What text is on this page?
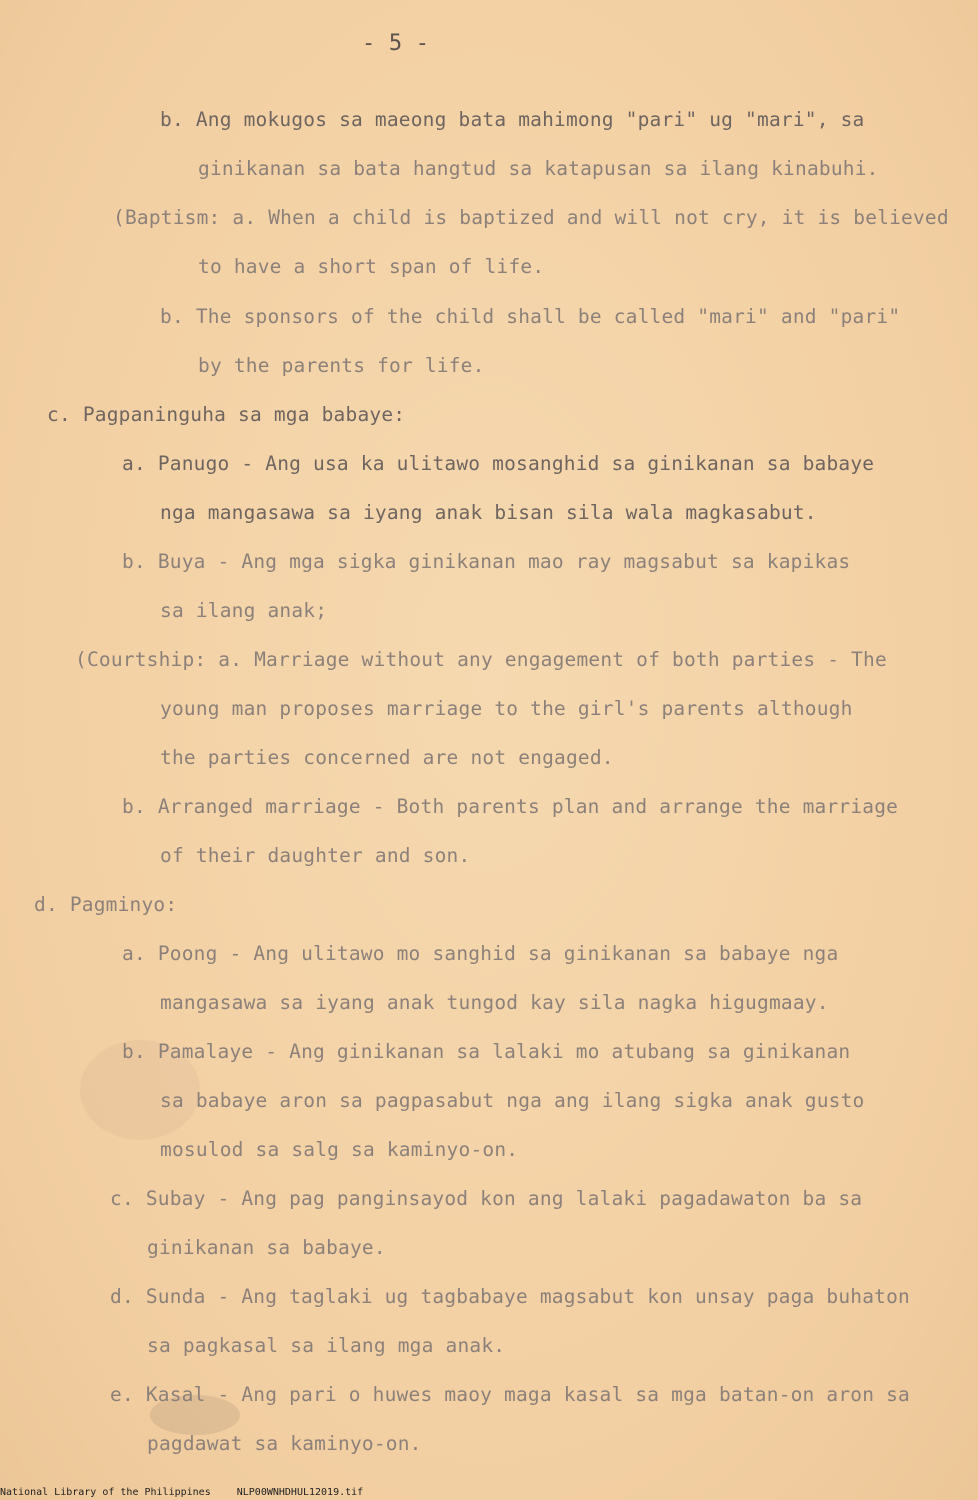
- 5 -
b. Ang mokugos sa maeong bata mahimong "pari" ug "mari", sa
ginikanan sa bata hangtud sa katapusan sa ilang kinabuhi.
(Baptism: a. When a child is baptized and will not cry, it is believed
to have a short span of life.
b. The sponsors of the child shall be called "mari" and "pari"
by the parents for life.
c. Pagpaninguha sa mga babaye:
a. Panugo - Ang usa ka ulitawo mosanghid sa ginikanan sa babaye
nga mangasawa sa iyang anak bisan sila wala magkasabut.
b. Buya - Ang mga sigka ginikanan mao ray magsabut sa kapikas
sa ilang anak;
(Courtship: a. Marriage without any engagement of both parties - The
young man proposes marriage to the girl's parents although
the parties concerned are not engaged.
b. Arranged marriage - Both parents plan and arrange the marriage
of their daughter and son.
d. Pagminyo:
a. Poong - Ang ulitawo mo sanghid sa ginikanan sa babaye nga
mangasawa sa iyang anak tungod kay sila nagka higugmaay.
b. Pamalaye - Ang ginikanan sa lalaki mo atubang sa ginikanan
sa babaye aron sa pagpasabut nga ang ilang sigka anak gusto
mosulod sa salg sa kaminyo-on.
c. Subay - Ang pag panginsayod kon ang lalaki pagadawaton ba sa
ginikanan sa babaye.
d. Sunda - Ang taglaki ug tagbabaye magsabut kon unsay paga buhaton
sa pagkasal sa ilang mga anak.
e. Kasal - Ang pari o huwes maoy maga kasal sa mga batan-on aron sa
pagdawat sa kaminyo-on.
National Library of the Philippines	NLP00WNHDHUL12019.tif
